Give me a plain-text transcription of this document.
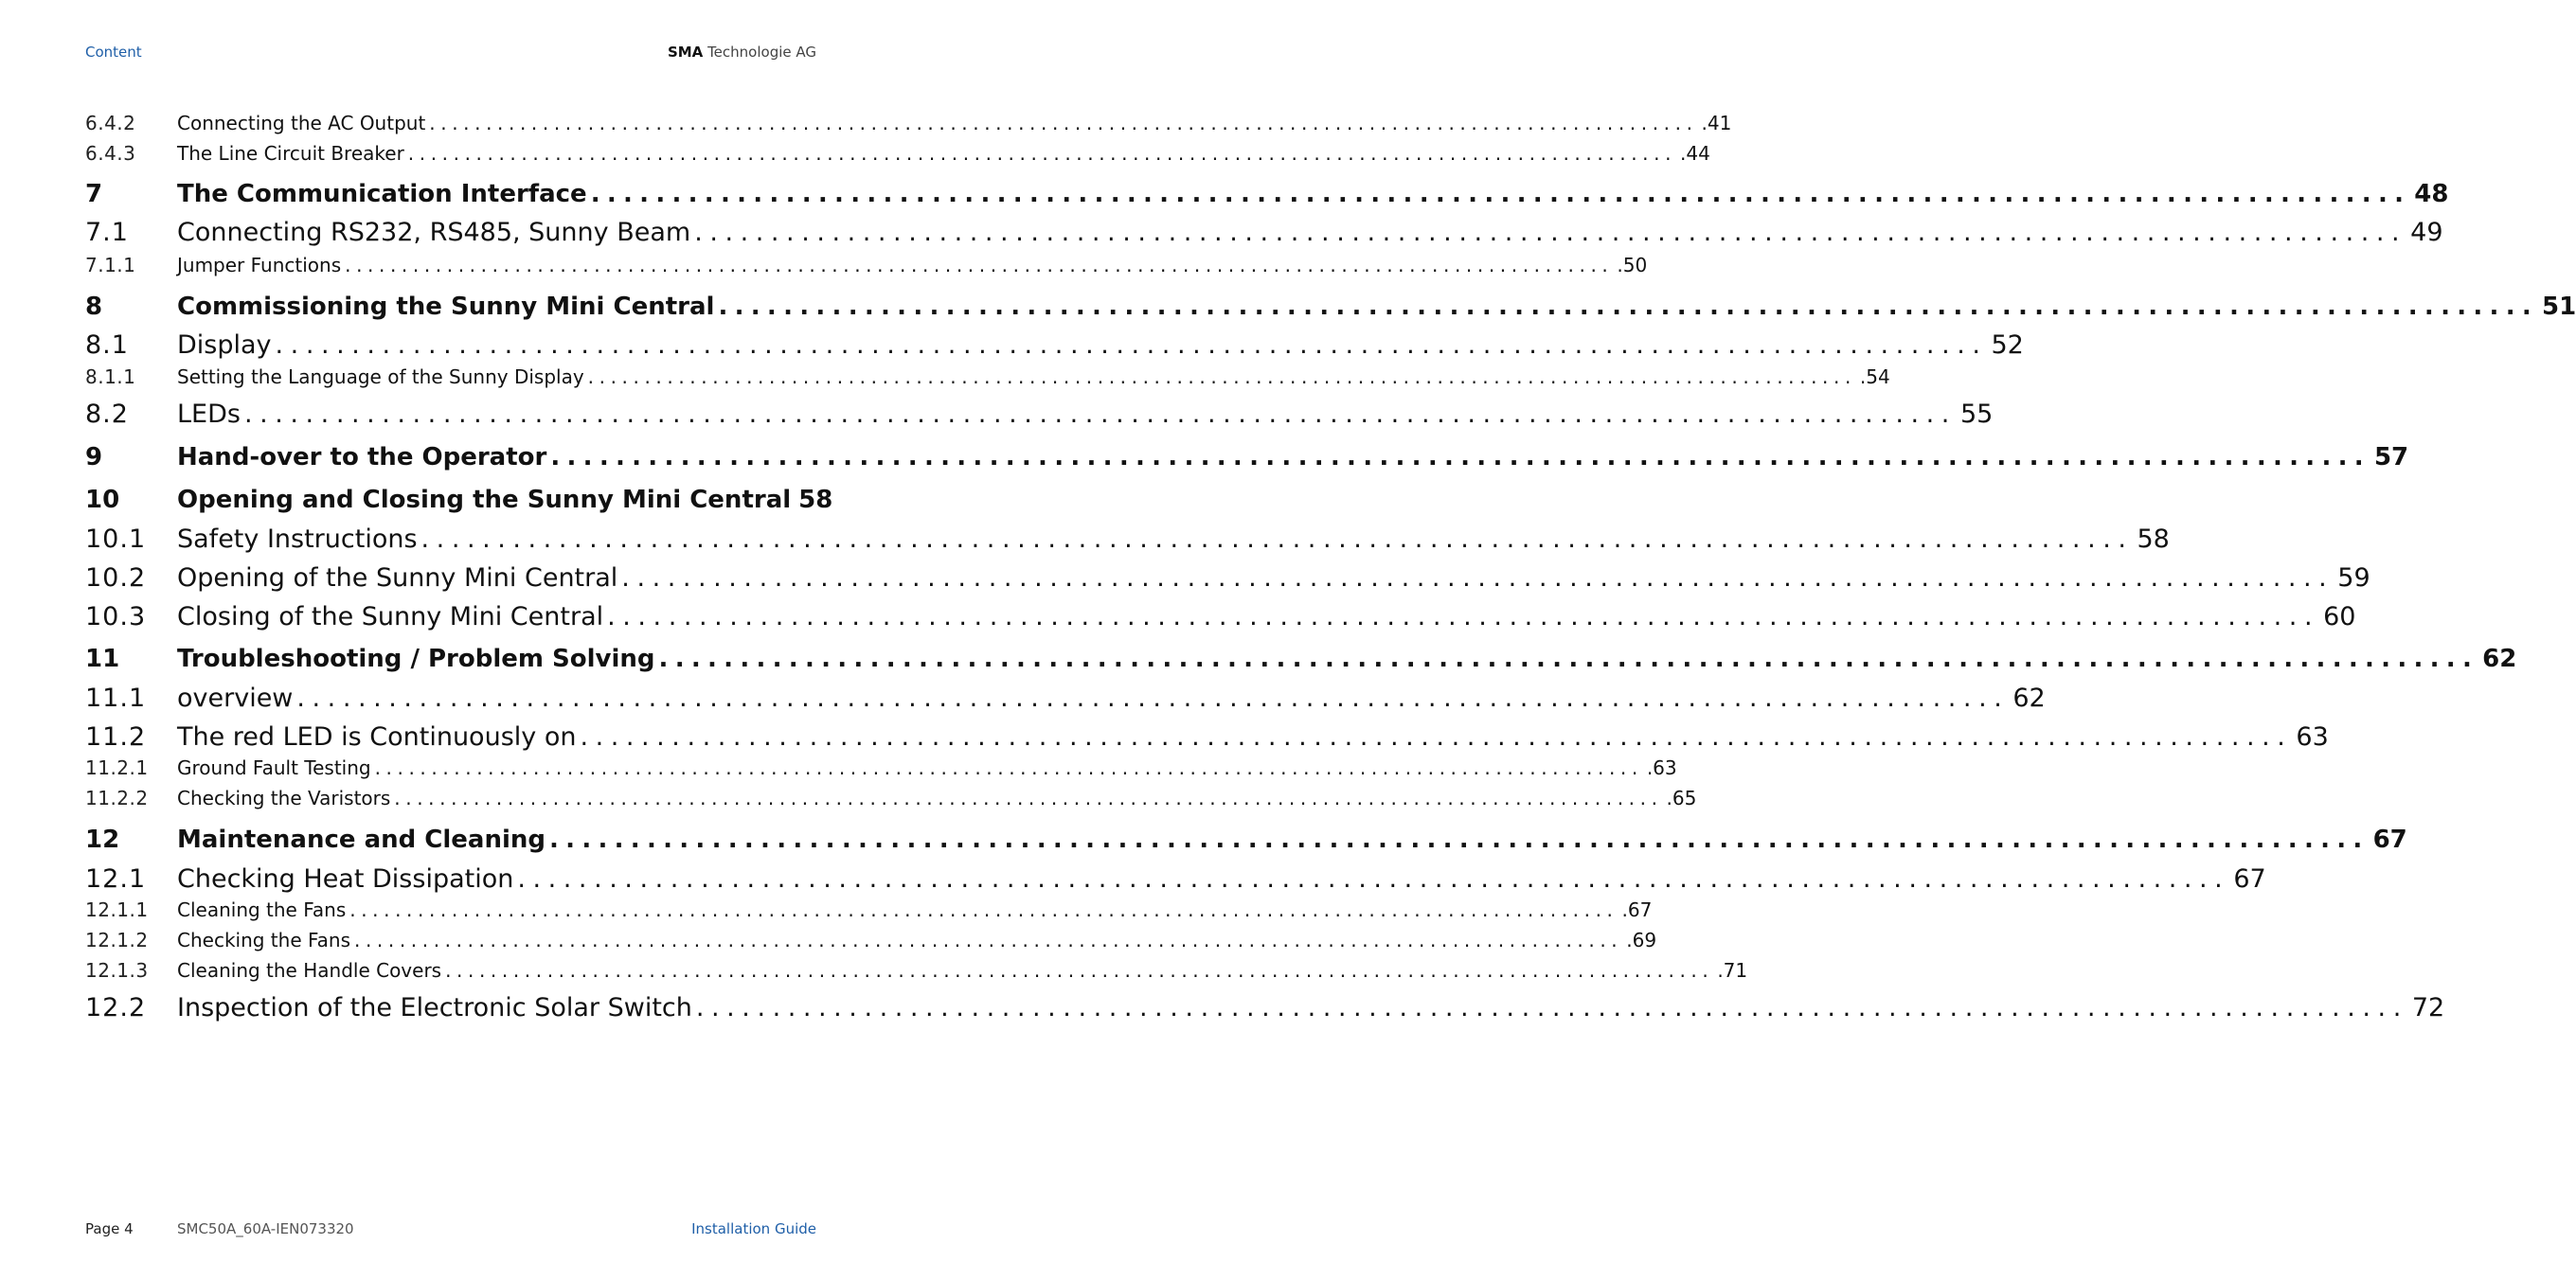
Content	SMA Technologie AG
6.4.2	Connecting the AC Output ................................................................................................................ .41
6.4.3	The Line Circuit Breaker ................................................................................................................ .44
7	The Communication Interface ................................................................................................................ 48
7.1	Connecting RS232, RS485, Sunny Beam ................................................................................................................ 49
7.1.1	Jumper Functions ................................................................................................................ .50
8	Commissioning the Sunny Mini Central ................................................................................................................ 51
8.1	Display ................................................................................................................ 52
8.1.1	Setting the Language of the Sunny Display ................................................................................................................ .54
8.2	LEDs ................................................................................................................ 55
9	Hand-over to the Operator ................................................................................................................ 57
10	Opening and Closing the Sunny Mini Central 58
10.1	Safety Instructions ................................................................................................................ 58
10.2	Opening of the Sunny Mini Central ................................................................................................................ 59
10.3	Closing of the Sunny Mini Central ................................................................................................................ 60
11	Troubleshooting / Problem Solving ................................................................................................................ 62
11.1	overview ................................................................................................................ 62
11.2	The red LED is Continuously on ................................................................................................................ 63
11.2.1	Ground Fault Testing ................................................................................................................ .63
11.2.2	Checking the Varistors ................................................................................................................ .65
12	Maintenance and Cleaning ................................................................................................................ 67
12.1	Checking Heat Dissipation ................................................................................................................ 67
12.1.1	Cleaning the Fans ................................................................................................................ .67
12.1.2	Checking the Fans ................................................................................................................ .69
12.1.3	Cleaning the Handle Covers ................................................................................................................ .71
12.2	Inspection of the Electronic Solar Switch ................................................................................................................ 72
Page 4	SMC50A_60A-IEN073320	Installation Guide
